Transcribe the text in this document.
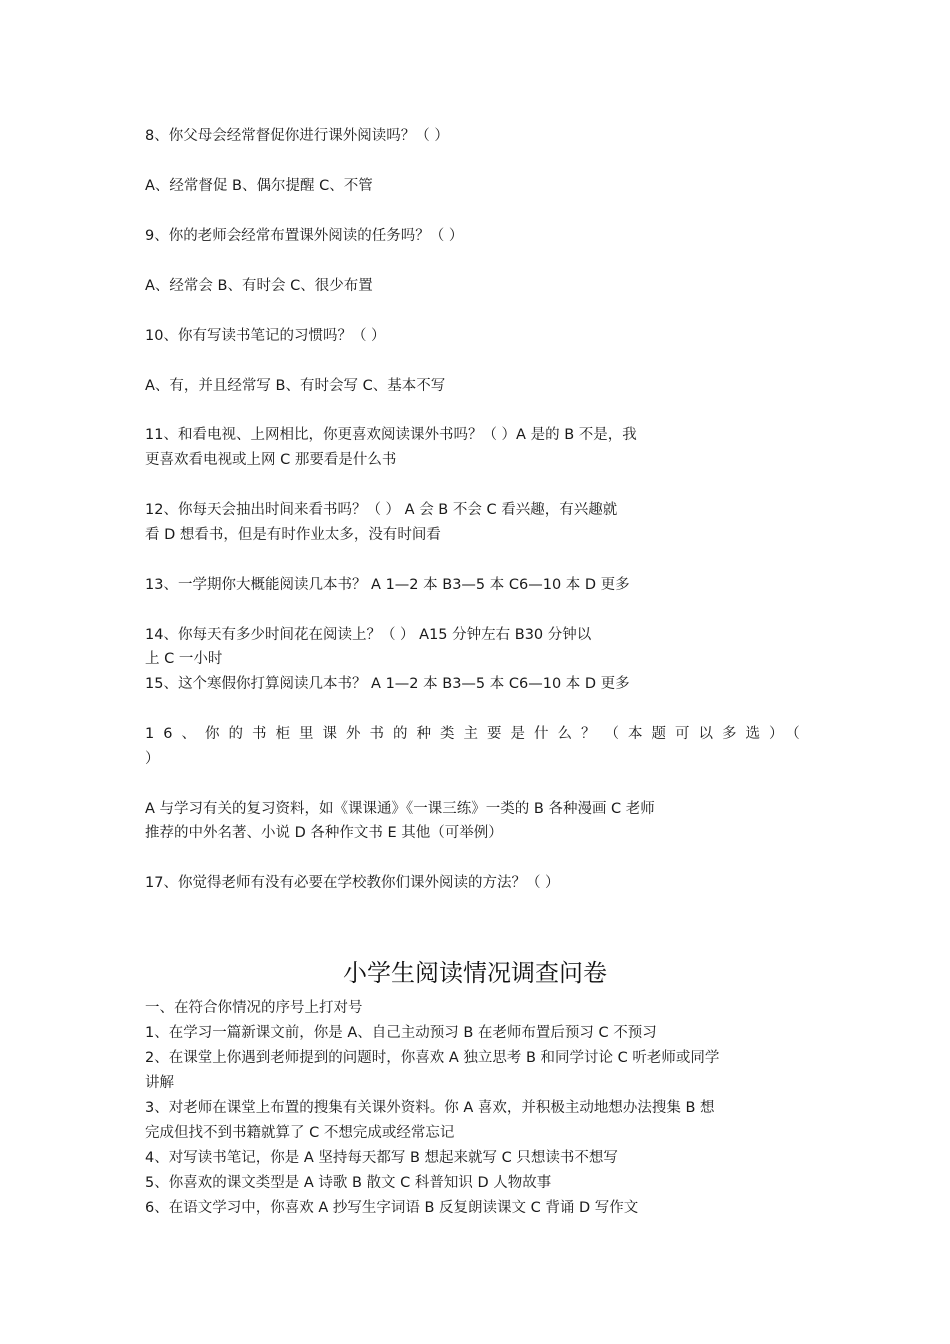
8、你父母会经常督促你进行课外阅读吗？（ ）
A、经常督促 B、偶尔提醒 C、不管
9、你的老师会经常布置课外阅读的任务吗？（ ）
A、经常会 B、有时会 C、很少布置
10、你有写读书笔记的习惯吗？（ ）
A、有，并且经常写 B、有时会写 C、基本不写
11、和看电视、上网相比，你更喜欢阅读课外书吗？（ ）A 是的 B 不是，我
更喜欢看电视或上网 C 那要看是什么书
12、你每天会抽出时间来看书吗？（ ） A 会 B 不会 C 看兴趣，有兴趣就
看 D 想看书，但是有时作业太多，没有时间看
13、一学期你大概能阅读几本书？ A 1—2 本 B3—5 本 C6—10 本 D 更多
14、你每天有多少时间花在阅读上？（ ） A15 分钟左右 B30 分钟以
上 C 一小时
15、这个寒假你打算阅读几本书？ A 1—2 本 B3—5 本 C6—10 本 D 更多
16、你的书柜里课外书的种类主要是什么？（本题可以多选）（
）
A 与学习有关的复习资料，如《课课通》《一课三练》一类的 B 各种漫画 C 老师
推荐的中外名著、小说 D 各种作文书 E 其他（可举例）
17、你觉得老师有没有必要在学校教你们课外阅读的方法？（ ）
小学生阅读情况调查问卷
一、在符合你情况的序号上打对号
1、在学习一篇新课文前，你是 A、自己主动预习 B 在老师布置后预习 C 不预习
2、在课堂上你遇到老师提到的问题时，你喜欢 A 独立思考 B 和同学讨论 C 听老师或同学
讲解
3、对老师在课堂上布置的搜集有关课外资料。你 A 喜欢，并积极主动地想办法搜集 B 想
完成但找不到书籍就算了 C 不想完成或经常忘记
4、对写读书笔记，你是 A 坚持每天都写 B 想起来就写 C 只想读书不想写
5、你喜欢的课文类型是 A 诗歌 B 散文 C 科普知识 D 人物故事
6、在语文学习中，你喜欢 A 抄写生字词语 B 反复朗读课文 C 背诵 D 写作文
